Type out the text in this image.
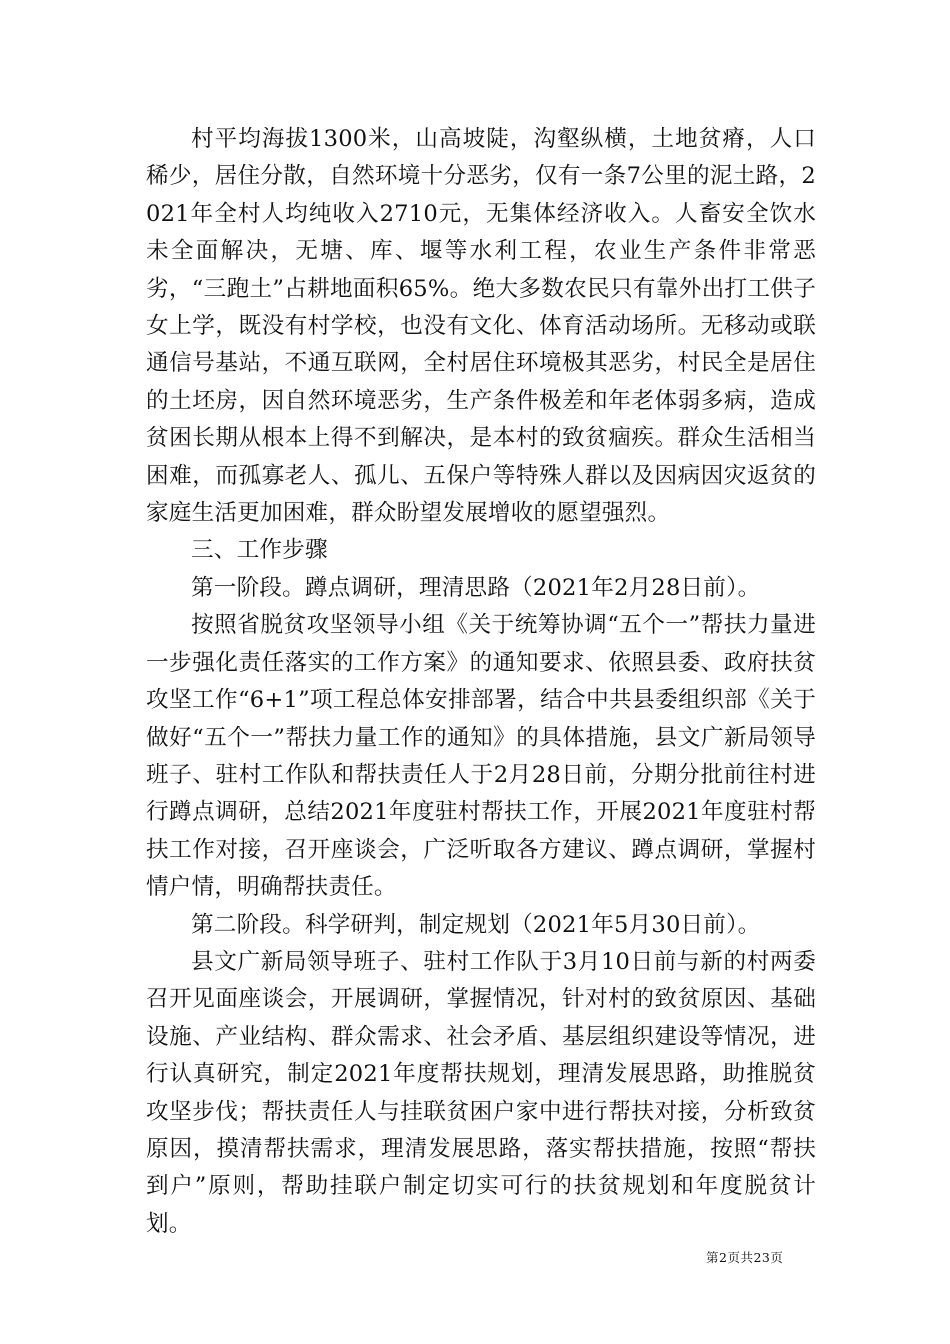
村平均海拔1300米，山高坡陡，沟壑纵横，土地贫瘠，人口稀少，居住分散，自然环境十分恶劣，仅有一条7公里的泥土路，2021年全村人均纯收入2710元，无集体经济收入。人畜安全饮水未全面解决，无塘、库、堰等水利工程，农业生产条件非常恶劣，“三跑土”占耕地面积65%。绝大多数农民只有靠外出打工供子女上学，既没有村学校，也没有文化、体育活动场所。无移动或联通信号基站，不通互联网，全村居住环境极其恶劣，村民全是居住的土坯房，因自然环境恶劣，生产条件极差和年老体弱多病，造成贫困长期从根本上得不到解决，是本村的致贫痼疾。群众生活相当困难，而孤寡老人、孤儿、五保户等特殊人群以及因病因灾返贫的家庭生活更加困难，群众盼望发展增收的愿望强烈。

三、工作步骤

第一阶段。蹲点调研，理清思路（2021年2月28日前）。

按照省脱贫攻坚领导小组《关于统筹协调“五个一”帮扶力量进一步强化责任落实的工作方案》的通知要求、依照县委、政府扶贫攻坚工作“6+1”项工程总体安排部署，结合中共县委组织部《关于做好“五个一”帮扶力量工作的通知》的具体措施，县文广新局领导班子、驻村工作队和帮扶责任人于2月28日前，分期分批前往村进行蹲点调研，总结2021年度驻村帮扶工作，开展2021年度驻村帮扶工作对接，召开座谈会，广泛听取各方建议、蹲点调研，掌握村情户情，明确帮扶责任。

第二阶段。科学研判，制定规划（2021年5月30日前）。

县文广新局领导班子、驻村工作队于3月10日前与新的村两委召开见面座谈会，开展调研，掌握情况，针对村的致贫原因、基础设施、产业结构、群众需求、社会矛盾、基层组织建设等情况，进行认真研究，制定2021年度帮扶规划，理清发展思路，助推脱贫攻坚步伐；帮扶责任人与挂联贫困户家中进行帮扶对接，分析致贫原因，摸清帮扶需求，理清发展思路，落实帮扶措施，按照“帮扶到户”原则，帮助挂联户制定切实可行的扶贫规划和年度脱贫计划。

第2页共23页
